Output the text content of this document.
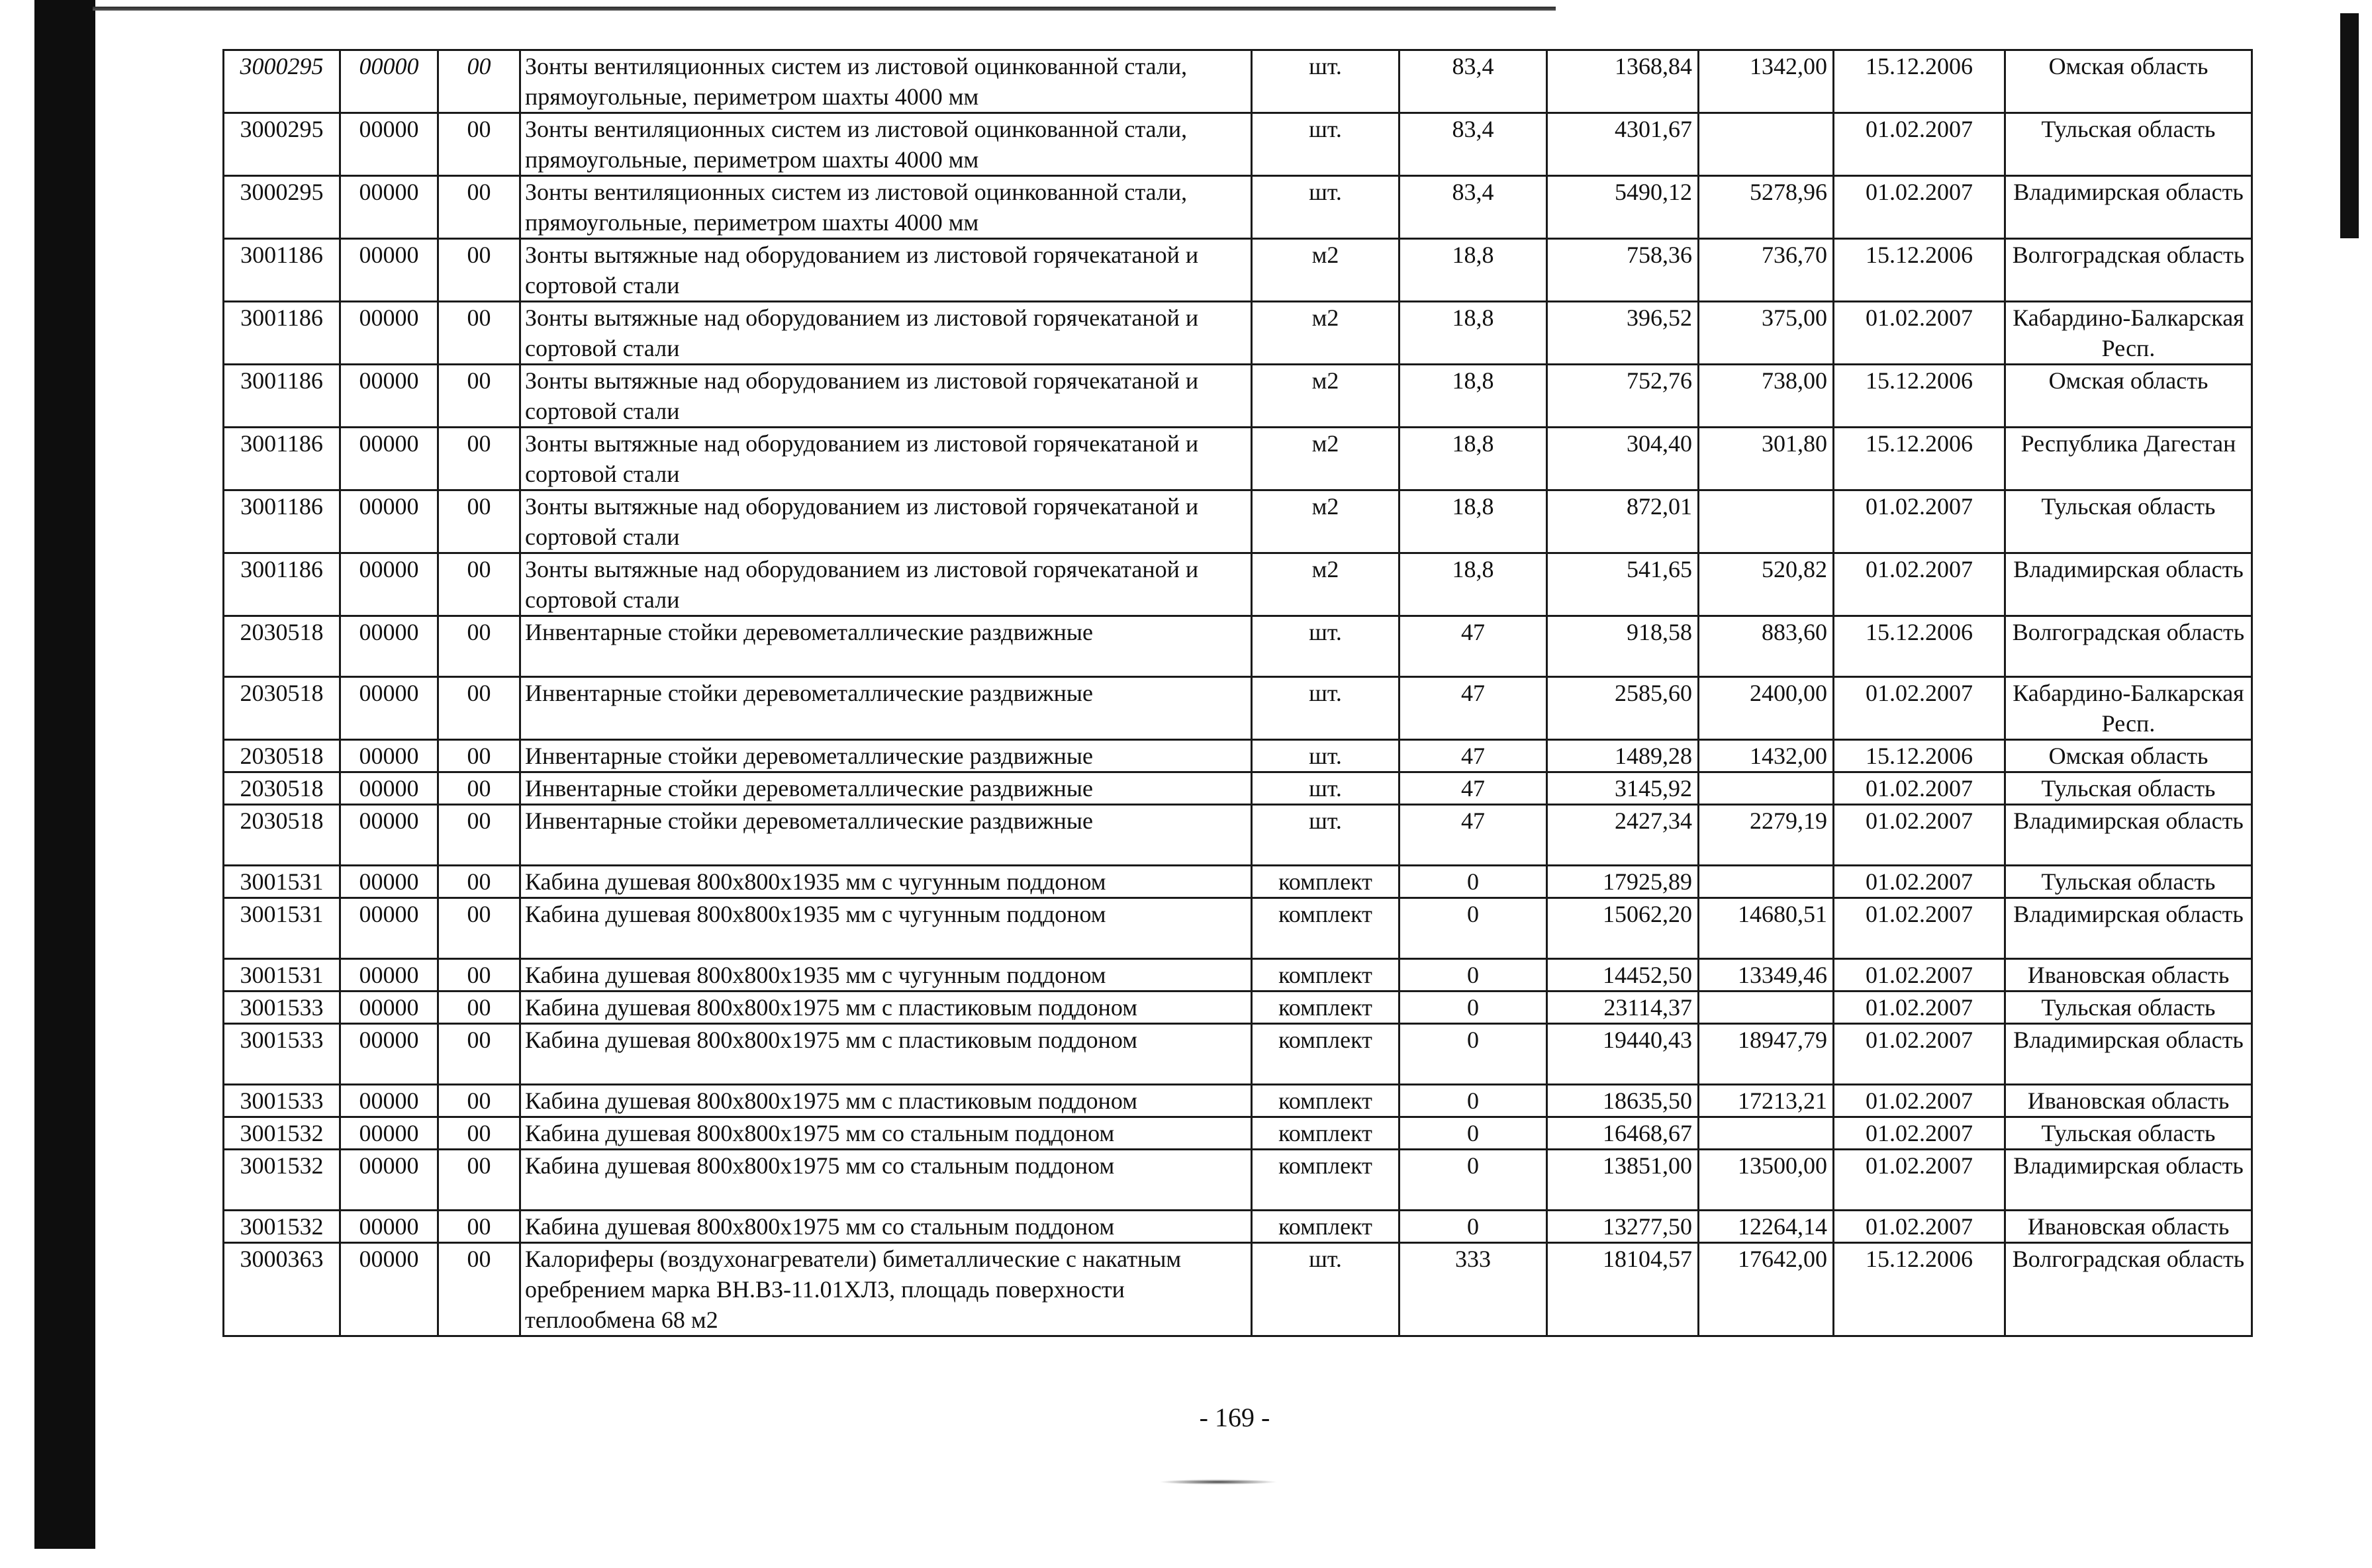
3000295	00000	00	Зонты вентиляционных систем из листовой оцинкованной стали, прямоугольные, периметром шахты 4000 мм	шт.	83,4	1368,84	1342,00	15.12.2006	Омская область
3000295	00000	00	Зонты вентиляционных систем из листовой оцинкованной стали, прямоугольные, периметром шахты 4000 мм	шт.	83,4	4301,67		01.02.2007	Тульская область
3000295	00000	00	Зонты вентиляционных систем из листовой оцинкованной стали, прямоугольные, периметром шахты 4000 мм	шт.	83,4	5490,12	5278,96	01.02.2007	Владимирская область
3001186	00000	00	Зонты вытяжные над оборудованием из листовой горячекатаной и сортовой стали	м2	18,8	758,36	736,70	15.12.2006	Волгоградская область
3001186	00000	00	Зонты вытяжные над оборудованием из листовой горячекатаной и сортовой стали	м2	18,8	396,52	375,00	01.02.2007	Кабардино-Балкарская Респ.
3001186	00000	00	Зонты вытяжные над оборудованием из листовой горячекатаной и сортовой стали	м2	18,8	752,76	738,00	15.12.2006	Омская область
3001186	00000	00	Зонты вытяжные над оборудованием из листовой горячекатаной и сортовой стали	м2	18,8	304,40	301,80	15.12.2006	Республика Дагестан
3001186	00000	00	Зонты вытяжные над оборудованием из листовой горячекатаной и сортовой стали	м2	18,8	872,01		01.02.2007	Тульская область
3001186	00000	00	Зонты вытяжные над оборудованием из листовой горячекатаной и сортовой стали	м2	18,8	541,65	520,82	01.02.2007	Владимирская область
2030518	00000	00	Инвентарные стойки деревометаллические раздвижные	шт.	47	918,58	883,60	15.12.2006	Волгоградская область
2030518	00000	00	Инвентарные стойки деревометаллические раздвижные	шт.	47	2585,60	2400,00	01.02.2007	Кабардино-Балкарская Респ.
2030518	00000	00	Инвентарные стойки деревометаллические раздвижные	шт.	47	1489,28	1432,00	15.12.2006	Омская область
2030518	00000	00	Инвентарные стойки деревометаллические раздвижные	шт.	47	3145,92		01.02.2007	Тульская область
2030518	00000	00	Инвентарные стойки деревометаллические раздвижные	шт.	47	2427,34	2279,19	01.02.2007	Владимирская область
3001531	00000	00	Кабина душевая 800х800х1935 мм с чугунным поддоном	комплект	0	17925,89		01.02.2007	Тульская область
3001531	00000	00	Кабина душевая 800х800х1935 мм с чугунным поддоном	комплект	0	15062,20	14680,51	01.02.2007	Владимирская область
3001531	00000	00	Кабина душевая 800х800х1935 мм с чугунным поддоном	комплект	0	14452,50	13349,46	01.02.2007	Ивановская область
3001533	00000	00	Кабина душевая 800х800х1975 мм с пластиковым поддоном	комплект	0	23114,37		01.02.2007	Тульская область
3001533	00000	00	Кабина душевая 800х800х1975 мм с пластиковым поддоном	комплект	0	19440,43	18947,79	01.02.2007	Владимирская область
3001533	00000	00	Кабина душевая 800х800х1975 мм с пластиковым поддоном	комплект	0	18635,50	17213,21	01.02.2007	Ивановская область
3001532	00000	00	Кабина душевая 800х800х1975 мм со стальным поддоном	комплект	0	16468,67		01.02.2007	Тульская область
3001532	00000	00	Кабина душевая 800х800х1975 мм со стальным поддоном	комплект	0	13851,00	13500,00	01.02.2007	Владимирская область
3001532	00000	00	Кабина душевая 800х800х1975 мм со стальным поддоном	комплект	0	13277,50	12264,14	01.02.2007	Ивановская область
3000363	00000	00	Калориферы (воздухонагреватели) биметаллические с накатным оребрением марка ВН.В3-11.01ХЛ3, площадь поверхности теплообмена 68 м2	шт.	333	18104,57	17642,00	15.12.2006	Волгоградская область
- 169 -
